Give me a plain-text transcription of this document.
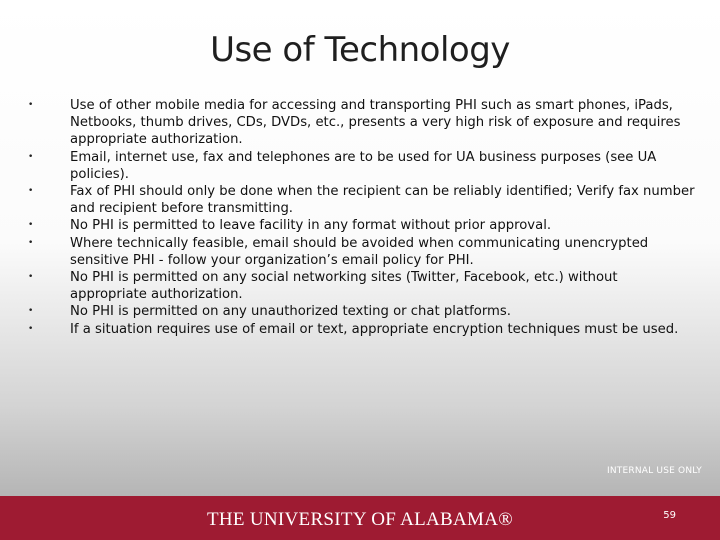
Use of Technology
•	Use of other mobile media for accessing and transporting PHI such as smart phones, iPads, Netbooks, thumb drives, CDs, DVDs, etc., presents a very high risk of exposure and requires appropriate authorization.
•	Email, internet use, fax and telephones are to be used for UA business purposes (see UA policies).
•	Fax of PHI should only be done when the recipient can be reliably identified; Verify fax number and recipient before transmitting.
•	No PHI is permitted to leave facility in any format without prior approval.
•	Where technically feasible, email should be avoided when communicating unencrypted sensitive PHI - follow your organization’s email policy for PHI.
•	No PHI is permitted on any social networking sites (Twitter, Facebook, etc.) without appropriate authorization.
•	No PHI is permitted on any unauthorized texting or chat platforms.
•	If a situation requires use of email or text, appropriate encryption techniques must be used.
INTERNAL USE ONLY
THE UNIVERSITY OF ALABAMA®	59
